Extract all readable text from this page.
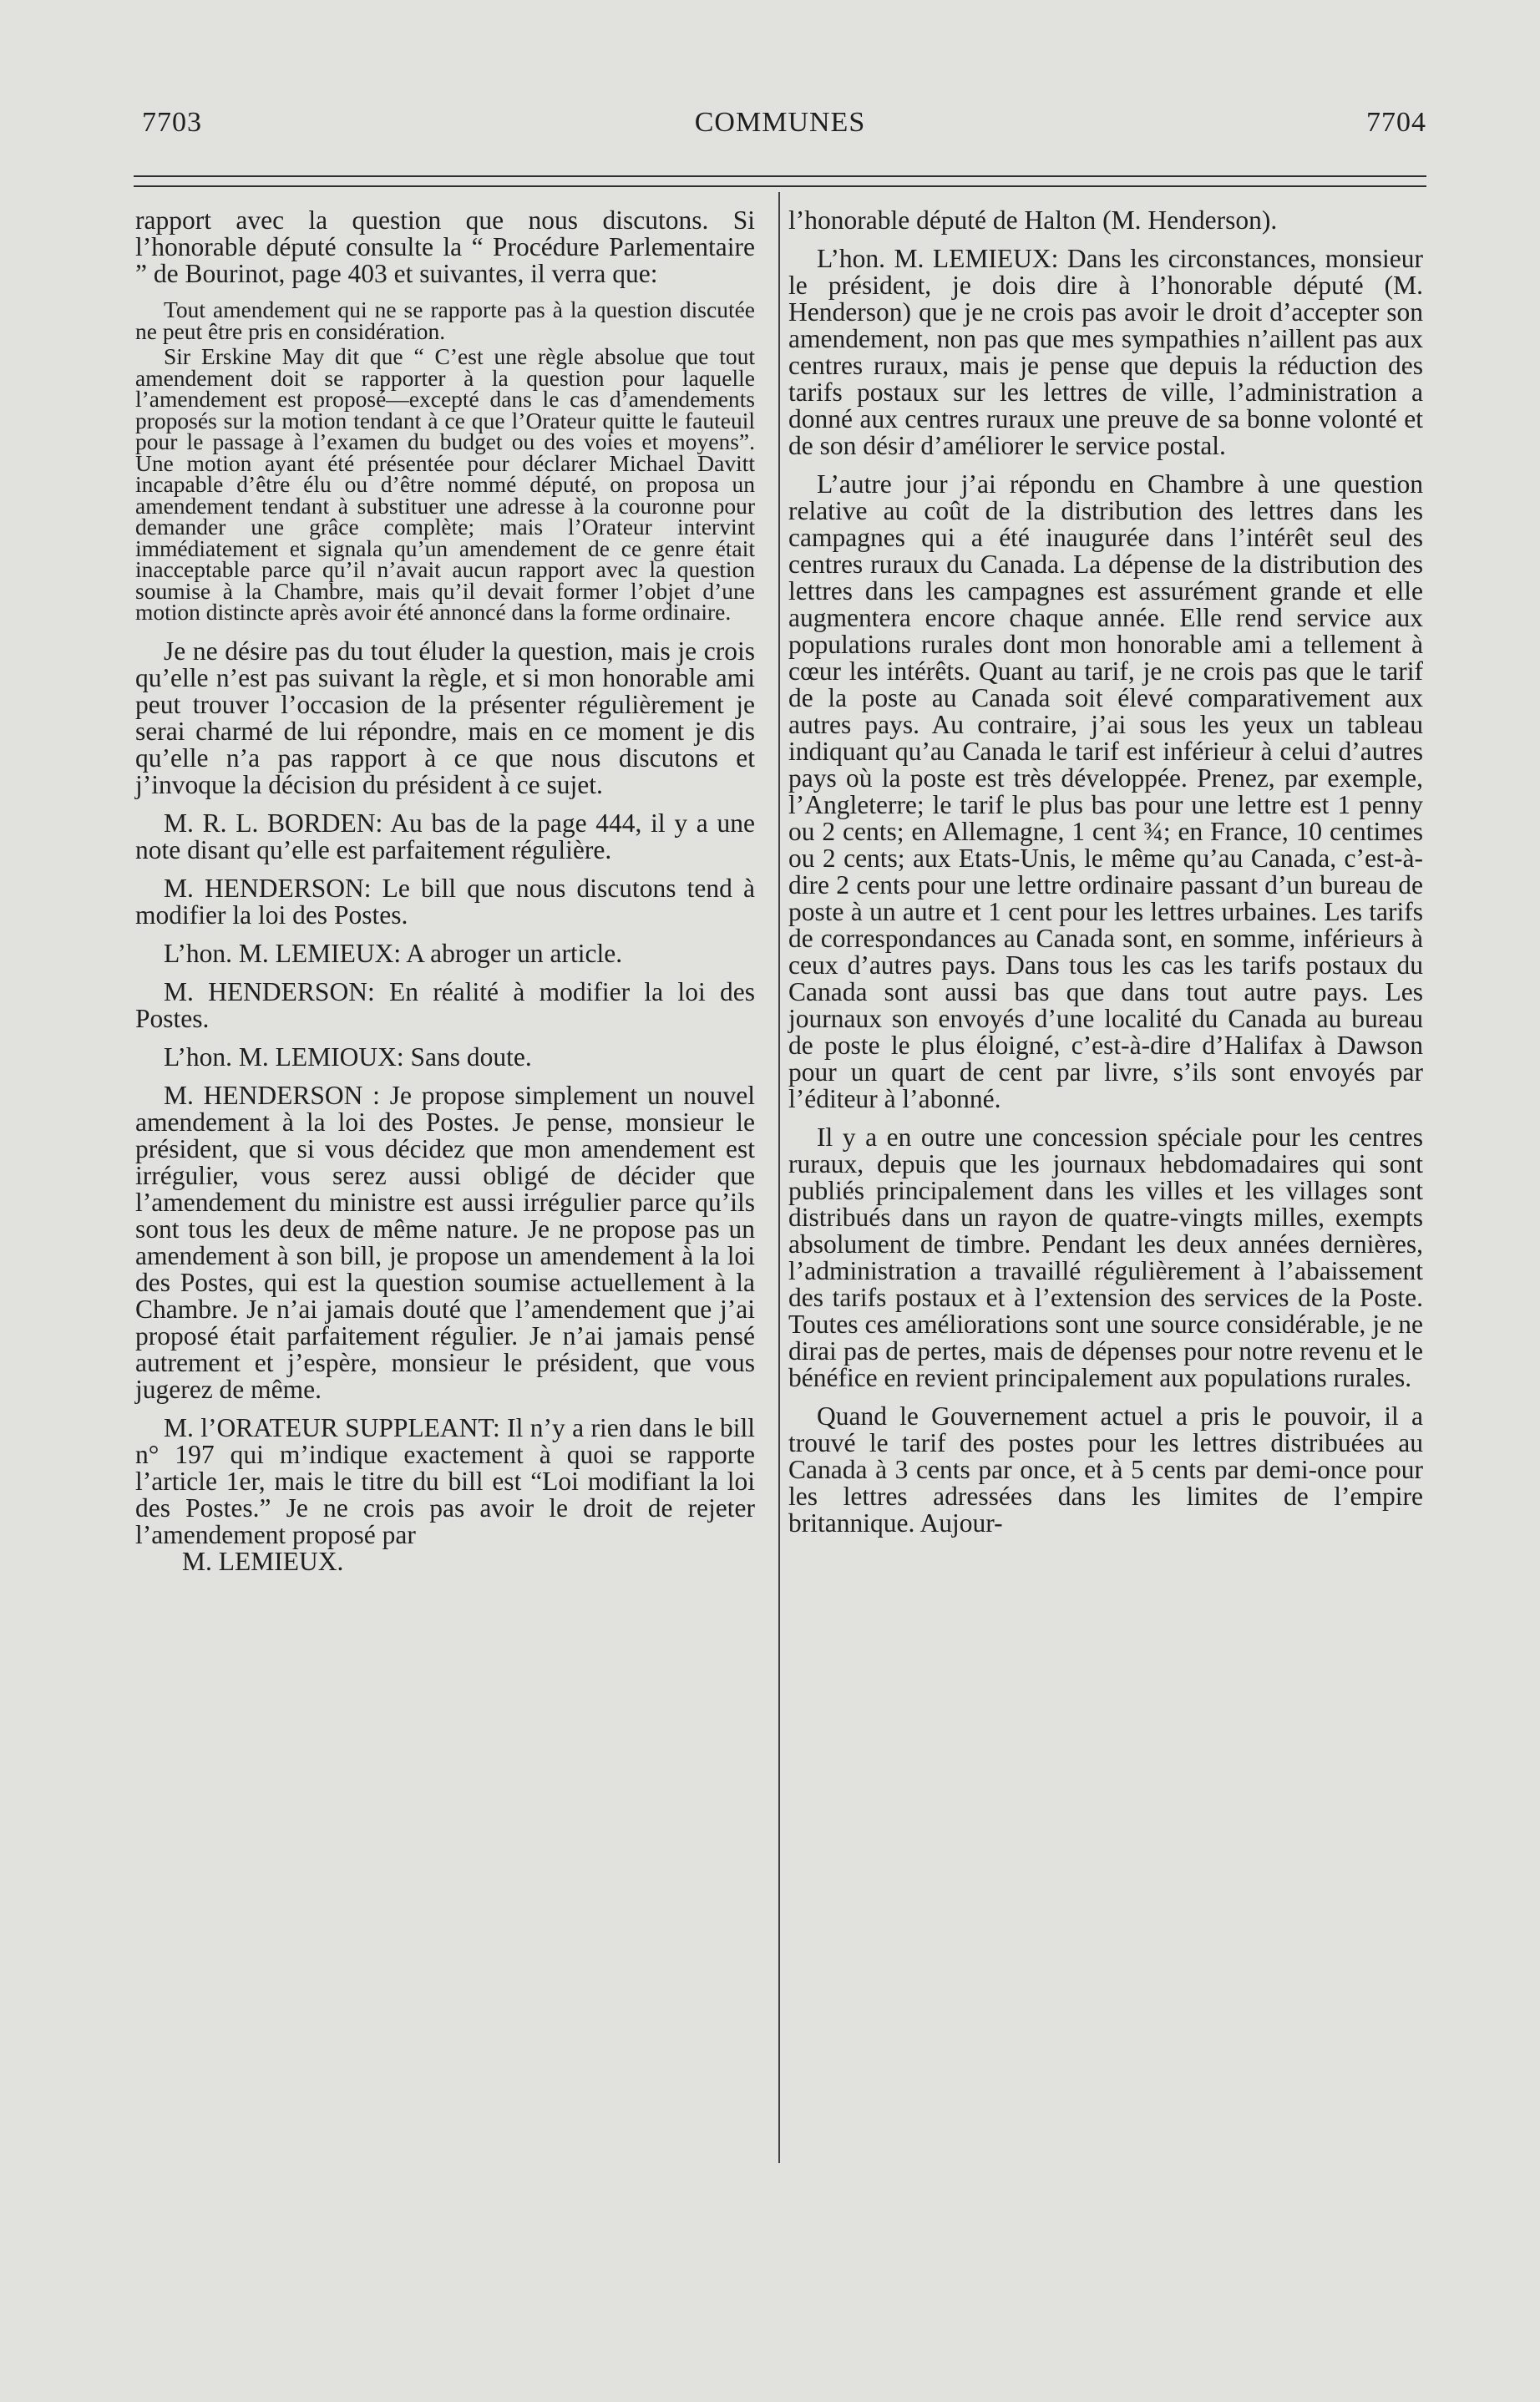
7703	COMMUNES	7704

rapport avec la question que nous discutons. Si l’honorable député consulte la “ Procédure Parlementaire ” de Bourinot, page 403 et suivantes, il verra que:

Tout amendement qui ne se rapporte pas à la question discutée ne peut être pris en considération.

Sir Erskine May dit que “ C’est une règle absolue que tout amendement doit se rapporter à la question pour laquelle l’amendement est proposé—excepté dans le cas d’amendements proposés sur la motion tendant à ce que l’Orateur quitte le fauteuil pour le passage à l’examen du budget ou des voies et moyens”. Une motion ayant été présentée pour déclarer Michael Davitt incapable d’être élu ou d’être nommé député, on proposa un amendement tendant à substituer une adresse à la couronne pour demander une grâce complète; mais l’Orateur intervint immédiatement et signala qu’un amendement de ce genre était inacceptable parce qu’il n’avait aucun rapport avec la question soumise à la Chambre, mais qu’il devait former l’objet d’une motion distincte après avoir été annoncé dans la forme ordinaire.

Je ne désire pas du tout éluder la question, mais je crois qu’elle n’est pas suivant la règle, et si mon honorable ami peut trouver l’occasion de la présenter régulièrement je serai charmé de lui répondre, mais en ce moment je dis qu’elle n’a pas rapport à ce que nous discutons et j’invoque la décision du président à ce sujet.

M. R. L. BORDEN: Au bas de la page 444, il y a une note disant qu’elle est parfaitement régulière.

M. HENDERSON: Le bill que nous discutons tend à modifier la loi des Postes.

L’hon. M. LEMIEUX: A abroger un article.

M. HENDERSON: En réalité à modifier la loi des Postes.

L’hon. M. LEMIOUX: Sans doute.

M. HENDERSON : Je propose simplement un nouvel amendement à la loi des Postes. Je pense, monsieur le président, que si vous décidez que mon amendement est irrégulier, vous serez aussi obligé de décider que l’amendement du ministre est aussi irrégulier parce qu’ils sont tous les deux de même nature. Je ne propose pas un amendement à son bill, je propose un amendement à la loi des Postes, qui est la question soumise actuellement à la Chambre. Je n’ai jamais douté que l’amendement que j’ai proposé était parfaitement régulier. Je n’ai jamais pensé autrement et j’espère, monsieur le président, que vous jugerez de même.

M. l’ORATEUR SUPPLEANT: Il n’y a rien dans le bill n° 197 qui m’indique exactement à quoi se rapporte l’article 1er, mais le titre du bill est “Loi modifiant la loi des Postes.” Je ne crois pas avoir le droit de rejeter l’amendement proposé par

M. LEMIEUX.

l’honorable député de Halton (M. Henderson).

L’hon. M. LEMIEUX: Dans les circonstances, monsieur le président, je dois dire à l’honorable député (M. Henderson) que je ne crois pas avoir le droit d’accepter son amendement, non pas que mes sympathies n’aillent pas aux centres ruraux, mais je pense que depuis la réduction des tarifs postaux sur les lettres de ville, l’administration a donné aux centres ruraux une preuve de sa bonne volonté et de son désir d’améliorer le service postal.

L’autre jour j’ai répondu en Chambre à une question relative au coût de la distribution des lettres dans les campagnes qui a été inaugurée dans l’intérêt seul des centres ruraux du Canada. La dépense de la distribution des lettres dans les campagnes est assurément grande et elle augmentera encore chaque année. Elle rend service aux populations rurales dont mon honorable ami a tellement à cœur les intérêts. Quant au tarif, je ne crois pas que le tarif de la poste au Canada soit élevé comparativement aux autres pays. Au contraire, j’ai sous les yeux un tableau indiquant qu’au Canada le tarif est inférieur à celui d’autres pays où la poste est très développée. Prenez, par exemple, l’Angleterre; le tarif le plus bas pour une lettre est 1 penny ou 2 cents; en Allemagne, 1 cent ¾; en France, 10 centimes ou 2 cents; aux Etats-Unis, le même qu’au Canada, c’est-à-dire 2 cents pour une lettre ordinaire passant d’un bureau de poste à un autre et 1 cent pour les lettres urbaines. Les tarifs de correspondances au Canada sont, en somme, inférieurs à ceux d’autres pays. Dans tous les cas les tarifs postaux du Canada sont aussi bas que dans tout autre pays. Les journaux son envoyés d’une localité du Canada au bureau de poste le plus éloigné, c’est-à-dire d’Halifax à Dawson pour un quart de cent par livre, s’ils sont envoyés par l’éditeur à l’abonné.

Il y a en outre une concession spéciale pour les centres ruraux, depuis que les journaux hebdomadaires qui sont publiés principalement dans les villes et les villages sont distribués dans un rayon de quatre-vingts milles, exempts absolument de timbre. Pendant les deux années dernières, l’administration a travaillé régulièrement à l’abaissement des tarifs postaux et à l’extension des services de la Poste. Toutes ces améliorations sont une source considérable, je ne dirai pas de pertes, mais de dépenses pour notre revenu et le bénéfice en revient principalement aux populations rurales.

Quand le Gouvernement actuel a pris le pouvoir, il a trouvé le tarif des postes pour les lettres distribuées au Canada à 3 cents par once, et à 5 cents par demi-once pour les lettres adressées dans les limites de l’empire britannique. Aujour-
